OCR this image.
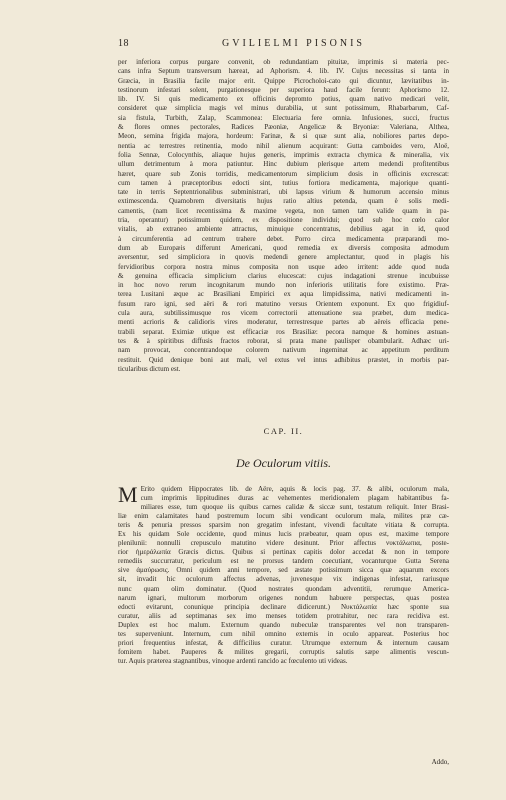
18	GVILIELMI PISONIS
per inferiora corpus purgare convenit, ob redundantiam pituitæ, imprimis si materia pec-
cans infra Septum transversum hæreat, ad Aphorism. 4. lib. IV. Cujus necessitas si tanta in
Græcia, in Brasilia facile major erit. Quippe Picrocholoi-cato qui dicuntur, lævitatibus in-
testinorum infestari solent, purgationesque per superiora haud facile ferunt: Aphorismo 12.
lib. IV. Si quis medicamento ex officinis depromto potius, quam nativo medicari velit,
consideret quæ simplicia magis vel minus durabilia, ut sunt potissimum, Rhabarbarum, Caf-
sia fistula, Turbith, Zalap, Scammonea: Electuaria fere omnia. Infusiones, succi, fructus
& flores omnes pectorales, Radices Pæoniæ, Angelicæ & Bryoniæ: Valeriana, Althea,
Meon, semina frigida majora, hordeum: Farinæ, & si quæ sunt alia, nobiliores partes depo-
nentia ac terrestres retinentia, modo nihil alienum acquirant: Gutta camboides vero, Aloë,
folia Sennæ, Colocynthis, aliaque hujus generis, imprimis extracta chymica & mineralia, vix
ullum detrimentum à mora patiuntur. Hinc dubium plerisque artem medendi profitentibus
hæret, quare sub Zonis torridis, medicamentorum simplicium dosis in officinis excrescat:
cum tamen à præceptoribus edocti sint, tutius fortiora medicamenta, majorique quanti-
tate in terris Septentrionalibus subministrari, ubi lapsus virium & humorum accensio minus
extimescenda. Quamobrem diversitatis hujus ratio altius petenda, quam è solis medi-
camentis, (nam licet recentissima & maxime vegeta, non tamen tam valide quam in pa-
tria, operantur) potissimum quidem, ex dispositione individui; quod sub hoc cœlo calor
vitalis, ab extraneo ambiente attractus, minuique concentratus, debilius agat in id, quod
à circumferentia ad centrum trahere debet. Porro circa medicamenta præparandi mo-
dum ab Europæis differunt Americani, quod remedia ex diversis composita admodum
aversentur, sed simpliciora in quovis medendi genere amplectantur, quod in plagis his
fervidioribus corpora nostra minus composita non usque adeo irritent: adde quod nuda
& genuina efficacia simplicium clarius elucescat: cujus indagationi strenue incubuisse
in hoc novo rerum incognitarum mundo non inferioris utilitatis fore existimo. Præ-
terea Lusitani æque ac Brasiliani Empirici ex aqua limpidissima, nativi medicamenti in-
fusum raro igni, sed aëri & rori matutino versus Orientem exponunt. Ex quo frigidiuf-
cula aura, subtilissimusque ros vicem correctorii attenuatione sua præbet, dum medica-
menti acrioris & calidioris vires moderatur, terrestresque partes ab aëreis efficacia pene-
trabili separat. Eximiæ utique est efficaciæ ros Brasiliæ: pecora namque & homines æstuan-
tes & à spiritibus diffusis fractos roborat, si prata mane paulisper obambularit. Adhæc uri-
nam provocat, concentrandoque colorem nativum ingeminat ac appetitum perditum
restituit. Quid denique boni aut mali, vel extus vel intus adhibitus præstet, in morbis par-
ticularibus dictum est.
CAP. II.
De Oculorum vitiis.
M Erito quidem Hippocrates lib. de Aëre, aquis & locis pag. 37. & alibi, oculorum mala,
cum imprimis lippitudines duras ac vehementes meridionalem plagam habitantibus fa-
miliares esse, tum quoque iis quibus carnes calidæ & siccæ sunt, testatum reliquit. Inter Brasi-
liæ enim calamitates haud postremum locum sibi vendicant oculorum mala, milites præ cæ-
teris & penuria pressos sparsim non gregatim infestant, vivendi facultate vitiata & corrupta.
Ex his quidam Sole occidente, quod minus lucis præbeatur, quam opus est, maxime tempore
plenilunii: nonnulli crepusculo matutino videre desinunt. Prior affectus νυκτάλωπια, poste-
rior ἡμεράλωπία Græcis dictus. Quibus si pertinax capitis dolor accedat & non in tempore
remediis succurratur, periculum est ne prorsus tandem coecutiant, vocanturque Gutta Serena
sive ἀμαύρωσις. Omni quidem anni tempore, sed æstate potissimum sicca quæ aquarum excors
sit, invadit hic oculorum affectus advenas, juvenesque vix indigenas infestat, rariusque
nunc quam olim dominatur. (Quod nostrates quondam adventitii, rerumque America-
narum ignari, multorum morborum origenes nondum habuere perspectas, quas postea
edocti evitarunt, conunique principia declinare didicerunt.) Νυκτάλωπία hæc sponte sua
curatur, aliis ad septimanas sex imo menses totidem protrahitur, nec rara recidiva est.
Duplex est hoc malum. Externum quando nubeculæ transparentes vel non transparen-
tes superveniunt. Internum, cum nihil omnino externis in oculo appareat. Posterius hoc
priori frequentius infestat, & difficilius curatur. Utrumque externum & internum causam
fomitem habet. Pauperes & milites gregarii, corruptis salutis sæpe alimentis vescun-
tur. Aquis præterea stagnantibus, vinoque ardenti rancido ac fœculento uti videas.
Addo,
